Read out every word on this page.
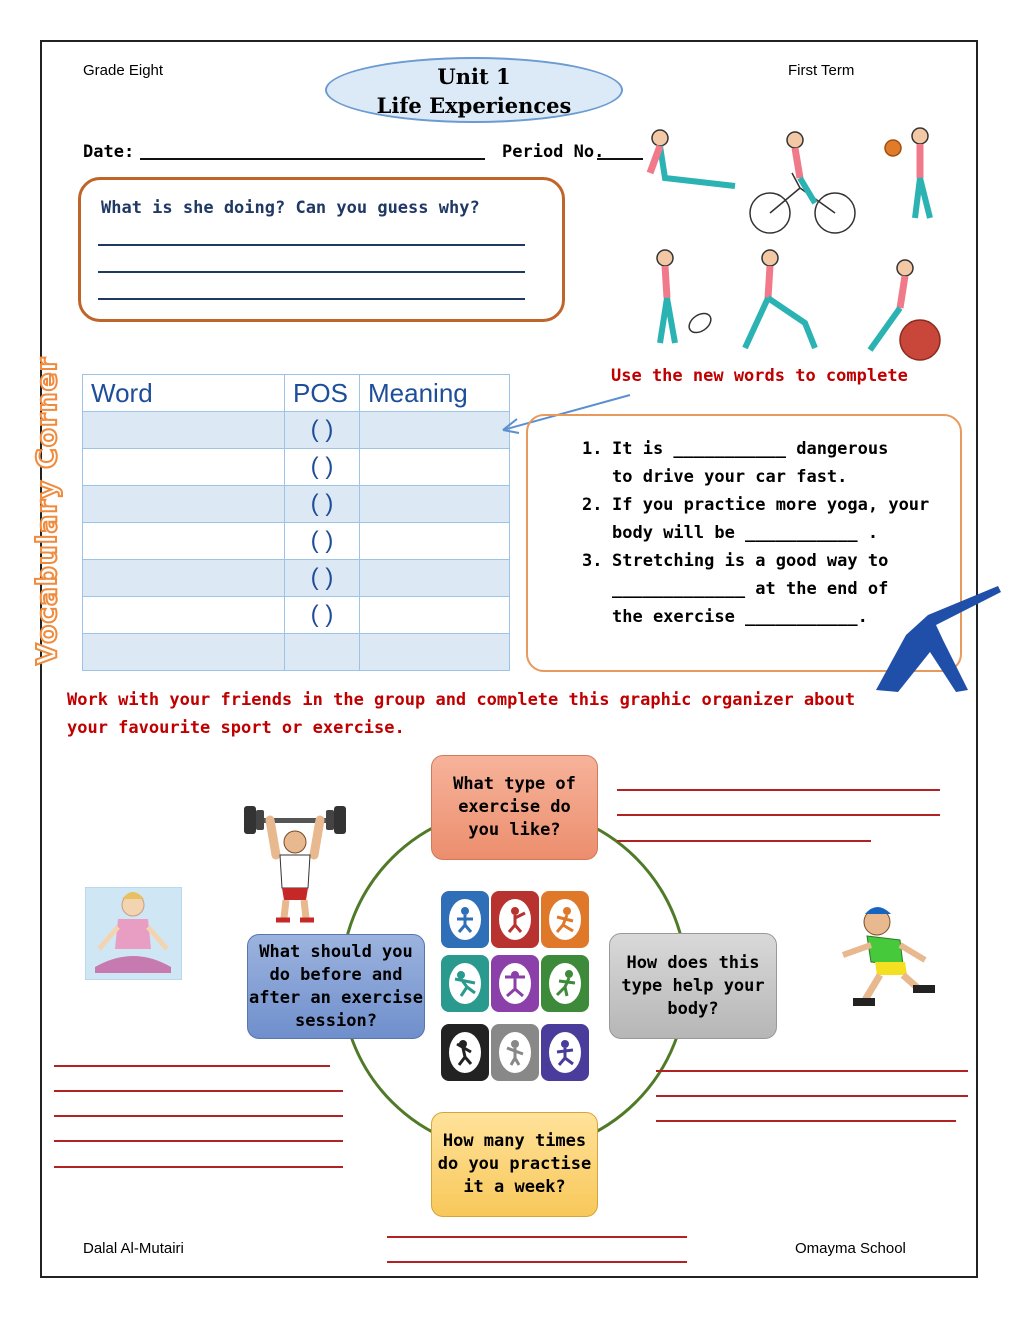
Grade Eight	First Term
Unit 1
Life Experiences
Date:	Period No.
What is she doing? Can you guess why?
Vocabulary Corner Word	POS	Meaning
	( )	
	( )	
	( )	
	( )	
	( )	
	( )	

Use the new words to complete
1. It is ___________ dangerous
to drive your car fast.
2. If you practice more yoga, your
body will be ___________ .
3. Stretching is a good way to
_____________ at the end of
the exercise ___________.
Work with your friends in the group and complete this graphic organizer about
your favourite sport or exercise.
What type of
exercise do
you like?
What should you
do before and
after an exercise
session?
How does this
type help your
body?
How many times
do you practise
it a week?
Dalal Al-Mutairi	Omayma School
